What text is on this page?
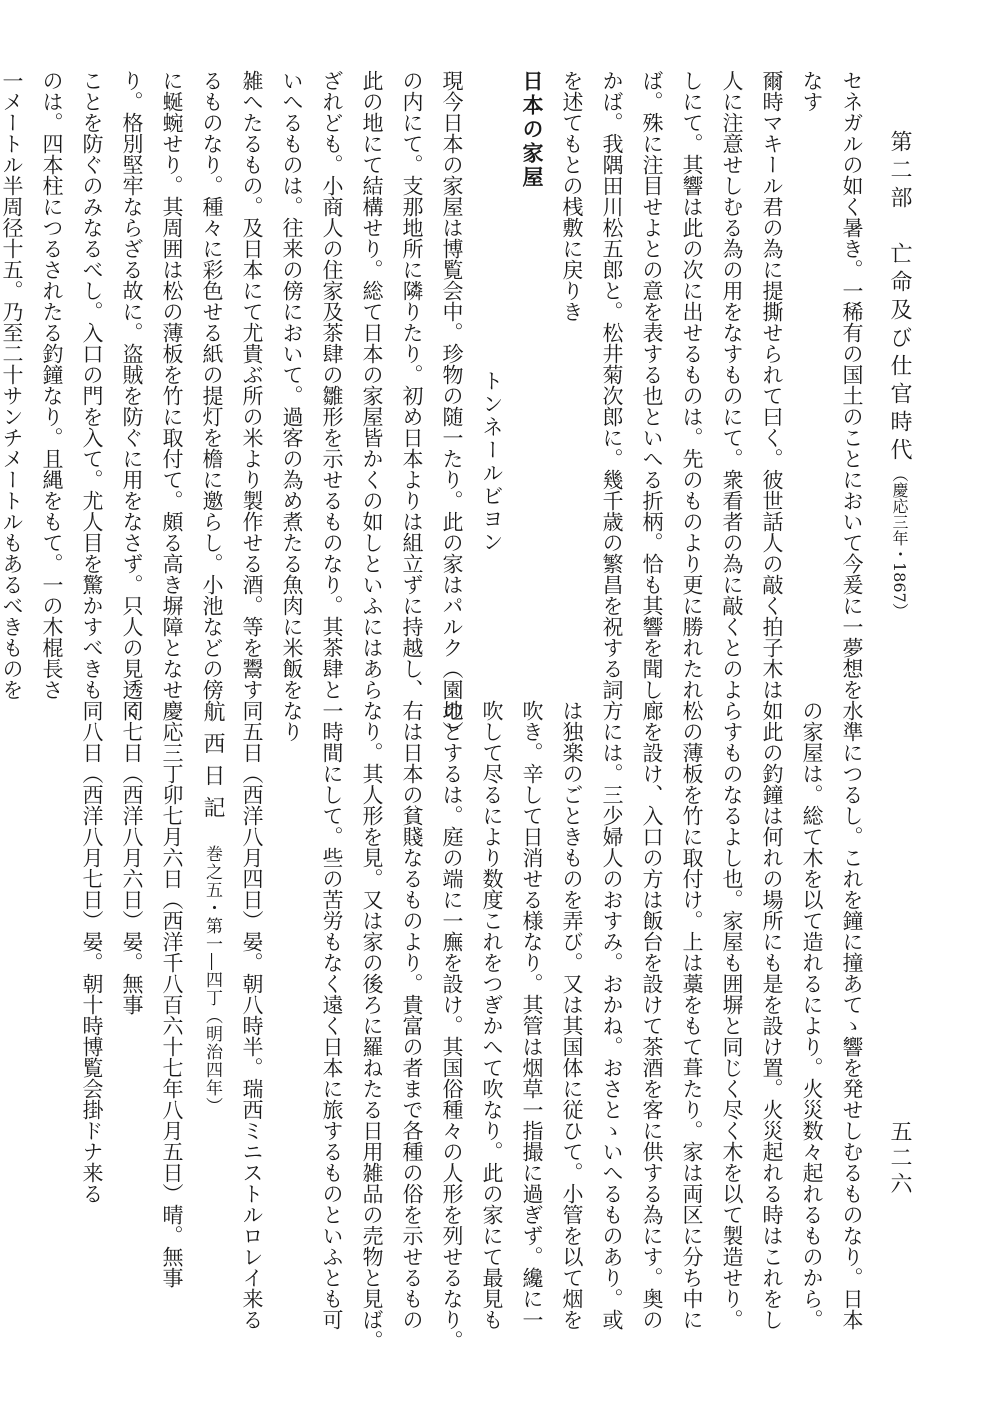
第二部　亡命及び仕官時代（慶応三年・1867）
五二六
セネガルの如く暑き。一稀有の国土のことにおいて今爰に一夢想を
なす
爾時マキール君の為に提撕せられて曰く。彼世話人の敲く拍子木は
人に注意せしむる為の用をなすものにて。衆看者の為に敲くとのよ
しにて。其響は此の次に出せるものは。先のものより更に勝れたれ
ば。殊に注目せよとの意を表する也といへる折柄。恰も其響を聞し
かば。我隅田川松五郎と。松井菊次郎に。幾千歳の繁昌を祝する詞
を述てもとの桟敷に戻りき
日本の家屋
トンネールビヨン
現今日本の家屋は博覧会中。珍物の随一たり。此の家はパルク（園地）
の内にて。支那地所に隣りたり。初め日本よりは組立ずに持越し、
此の地にて結構せり。総て日本の家屋皆かくの如しといふにはあら
ざれども。小商人の住家及茶肆の雛形を示せるものなり。其茶肆と
いへるものは。往来の傍において。過客の為め煮たる魚肉に米飯を
雑へたるもの。及日本にて尤貴ぶ所の米より製作せる酒。等を鬻す
るものなり。種々に彩色せる紙の提灯を檐に邀らし。小池などの傍
に蜒蜿せり。其周囲は松の薄板を竹に取付て。頗る高き塀障となせ
り。格別堅牢ならざる故に。盗賊を防ぐに用をなさず。只人の見透く
ことを防ぐのみなるべし。入口の門を入て。尤人目を驚かすべきも
のは。四本柱につるされたる釣鐘なり。且縄をもて。一の木棍長さ
一メートル半周径十五。乃至二十サンチメートルもあるべきものを
水準につるし。これを鐘に撞あてゝ響を発せしむるものなり。日本
の家屋は。総て木を以て造れるにより。火災数々起れるものから。
如此の釣鐘は何れの場所にも是を設け置。火災起れる時はこれをし
らすものなるよし也。家屋も囲塀と同じく尽く木を以て製造せり。
松の薄板を竹に取付け。上は藁をもて葺たり。家は両区に分ち中に
廊を設け、入口の方は飯台を設けて茶酒を客に供する為にす。奥の
方には。三少婦人のおすみ。おかね。おさとゝいへるものあり。或
は独楽のごときものを弄び。又は其国体に従ひて。小管を以て烟を
吹き。辛して日消せる様なり。其管は烟草一指撮に過ぎず。纔に一
吹して尽るにより数度これをつぎかへて吹なり。此の家にて最見も
のとするは。庭の端に一廡を設け。其国俗種々の人形を列せるなり。
右は日本の貧賤なるものより。貴富の者まで各種の俗を示せるもの
なり。其人形を見。又は家の後ろに羅ねたる日用雑品の売物と見ば。
一時間にして。些の苦労もなく遠く日本に旅するものといふとも可
なり
同五日（西洋八月四日）晏。朝八時半。瑞西ミニストルロレイ来る
航西日記 巻之五・第一―四丁（明治四年）
慶応三丁卯七月六日（西洋千八百六十七年八月五日）晴。無事
同七日（西洋八月六日）晏。無事
同八日（西洋八月七日）晏。朝十時博覧会掛ドナ来る
